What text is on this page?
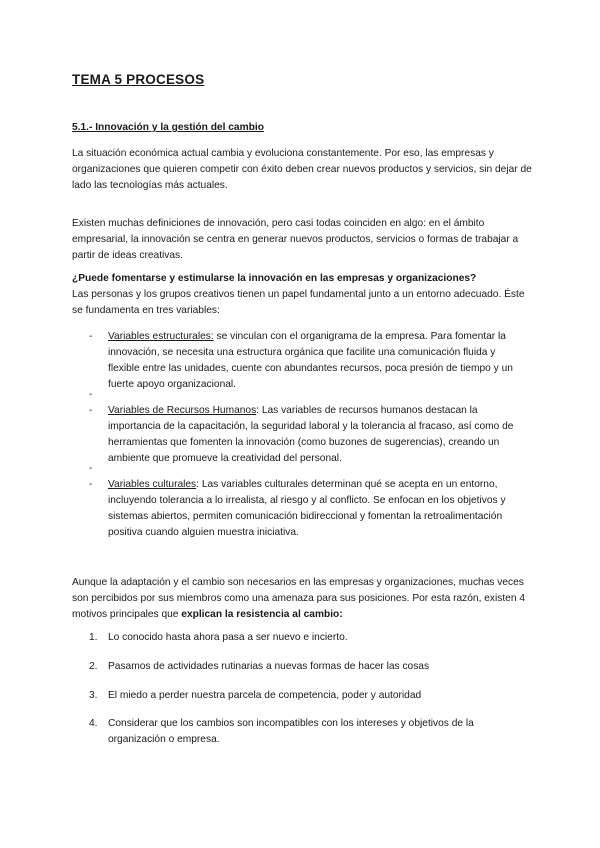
TEMA 5 PROCESOS
5.1.- Innovación y la gestión del cambio

La situación económica actual cambia y evoluciona constantemente. Por eso, las empresas y organizaciones que quieren competir con éxito deben crear nuevos productos y servicios, sin dejar de lado las tecnologías más actuales.

Existen muchas definiciones de innovación, pero casi todas coinciden en algo: en el ámbito empresarial, la innovación se centra en generar nuevos productos, servicios o formas de trabajar a partir de ideas creativas.

¿Puede fomentarse y estimularse la innovación en las empresas y organizaciones?

Las personas y los grupos creativos tienen un papel fundamental junto a un entorno adecuado. Éste se fundamenta en tres variables:

- Variables estructurales: se vinculan con el organigrama de la empresa. Para fomentar la innovación, se necesita una estructura orgánica que facilite una comunicación fluida y flexible entre las unidades, cuente con abundantes recursos, poca presión de tiempo y un fuerte apoyo organizacional.
-
- Variables de Recursos Humanos: Las variables de recursos humanos destacan la importancia de la capacitación, la seguridad laboral y la tolerancia al fracaso, así como de herramientas que fomenten la innovación (como buzones de sugerencias), creando un ambiente que promueve la creatividad del personal.
-
- Variables culturales: Las variables culturales determinan qué se acepta en un entorno, incluyendo tolerancia a lo irrealista, al riesgo y al conflicto. Se enfocan en los objetivos y sistemas abiertos, permiten comunicación bidireccional y fomentan la retroalimentación positiva cuando alguien muestra iniciativa.

Aunque la adaptación y el cambio son necesarios en las empresas y organizaciones, muchas veces son percibidos por sus miembros como una amenaza para sus posiciones. Por esta razón, existen 4 motivos principales que explican la resistencia al cambio:

1. Lo conocido hasta ahora pasa a ser nuevo e incierto.
2. Pasamos de actividades rutinarias a nuevas formas de hacer las cosas
3. El miedo a perder nuestra parcela de competencia, poder y autoridad
4. Considerar que los cambios son incompatibles con los intereses y objetivos de la organización o empresa.
